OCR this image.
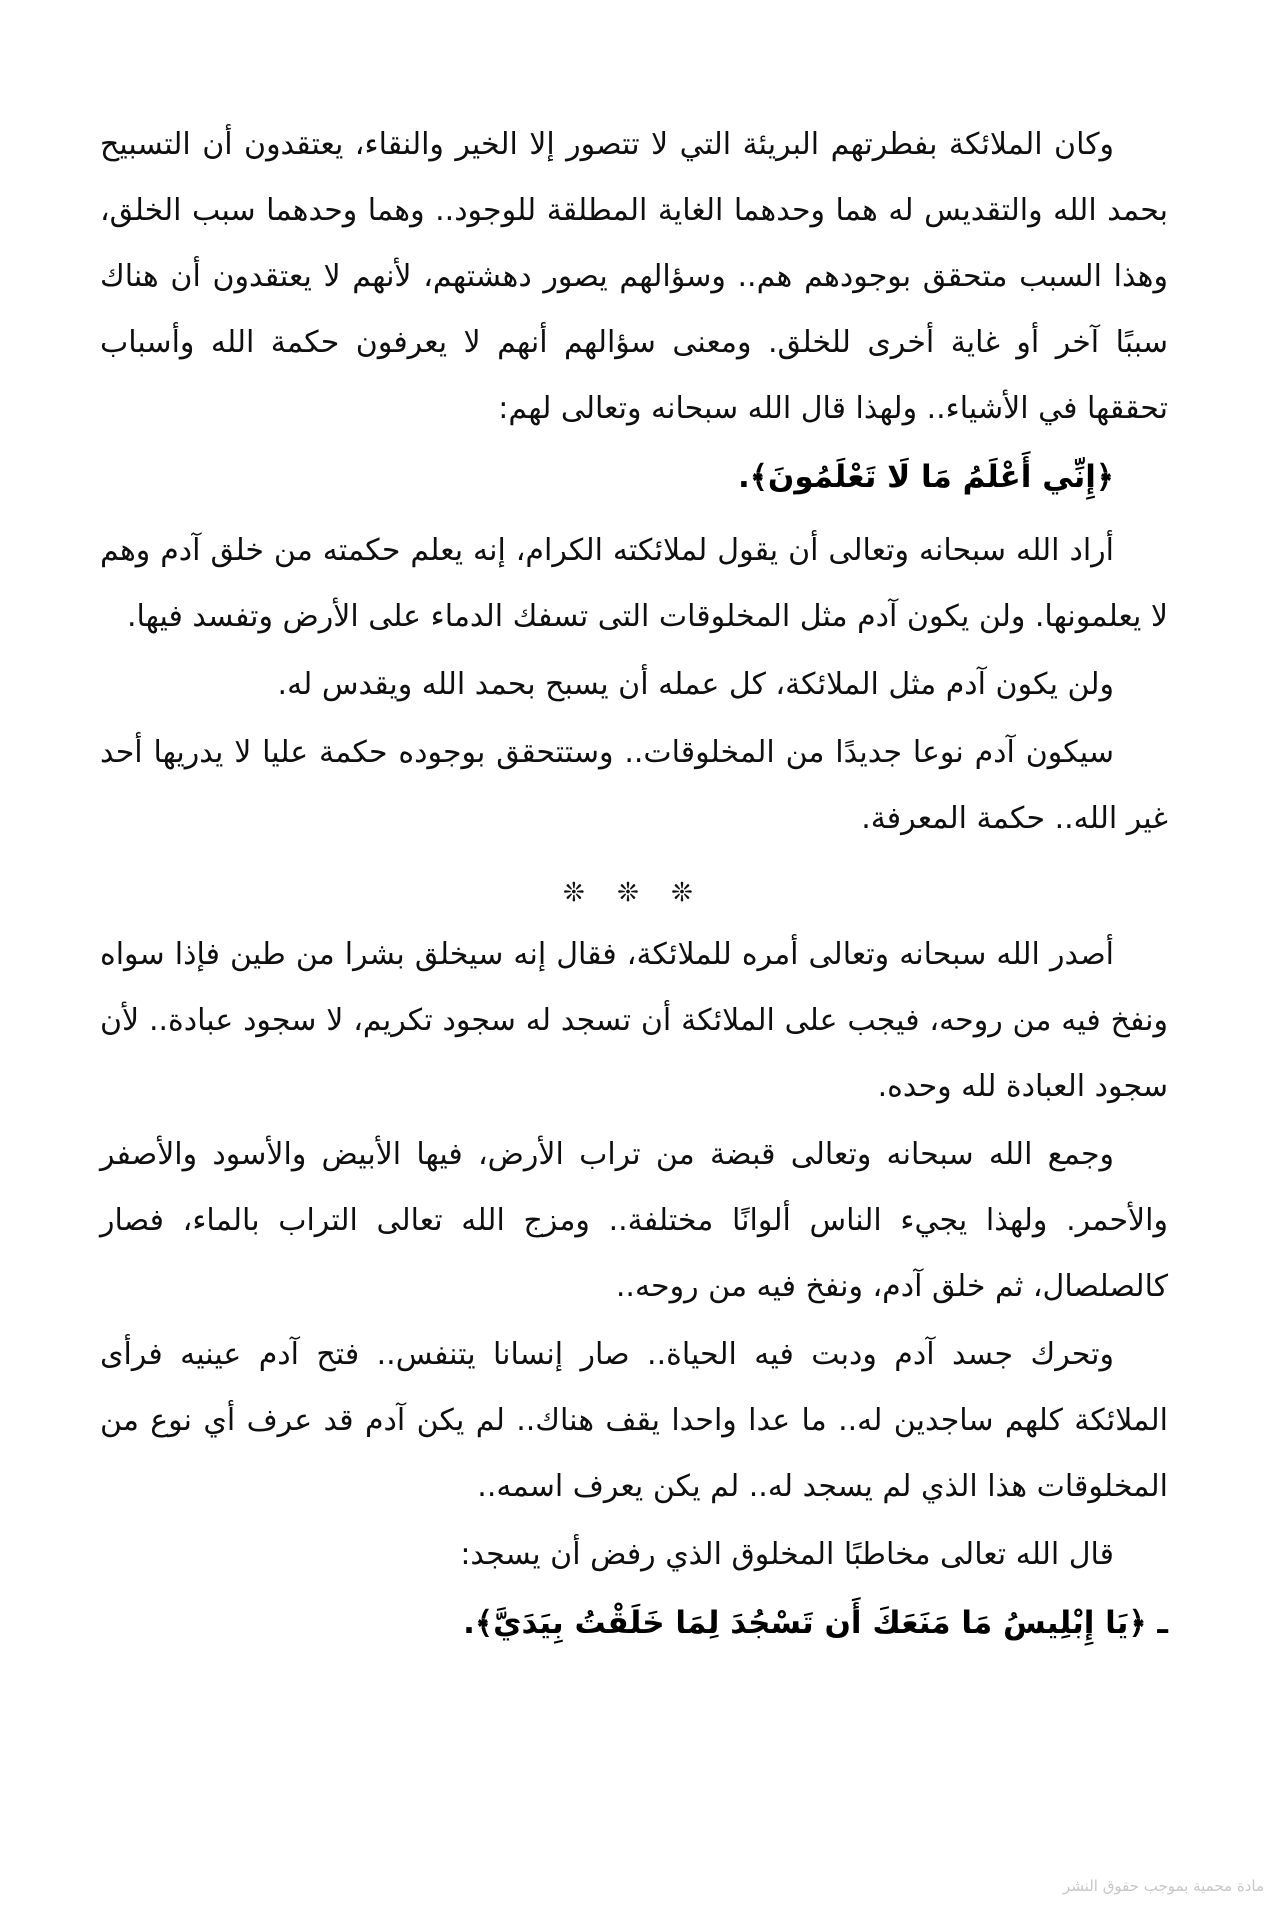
وكان الملائكة بفطرتهم البريئة التي لا تتصور إلا الخير والنقاء، يعتقدون أن التسبيح بحمد الله والتقديس له هما وحدهما الغاية المطلقة للوجود.. وهما وحدهما سبب الخلق، وهذا السبب متحقق بوجودهم هم.. وسؤالهم يصور دهشتهم، لأنهم لا يعتقدون أن هناك سببًا آخر أو غاية أخرى للخلق. ومعنى سؤالهم أنهم لا يعرفون حكمة الله وأسباب تحققها في الأشياء.. ولهذا قال الله سبحانه وتعالى لهم:

﴿إِنِّي أَعْلَمُ مَا لَا تَعْلَمُونَ﴾.

أراد الله سبحانه وتعالى أن يقول لملائكته الكرام، إنه يعلم حكمته من خلق آدم وهم لا يعلمونها. ولن يكون آدم مثل المخلوقات التى تسفك الدماء على الأرض وتفسد فيها.

ولن يكون آدم مثل الملائكة، كل عمله أن يسبح بحمد الله ويقدس له.

سيكون آدم نوعا جديدًا من المخلوقات.. وستتحقق بوجوده حكمة عليا لا يدريها أحد غير الله.. حكمة المعرفة.

❊ ❊ ❊

أصدر الله سبحانه وتعالى أمره للملائكة، فقال إنه سيخلق بشرا من طين فإذا سواه ونفخ فيه من روحه، فيجب على الملائكة أن تسجد له سجود تكريم، لا سجود عبادة.. لأن سجود العبادة لله وحده.

وجمع الله سبحانه وتعالى قبضة من تراب الأرض، فيها الأبيض والأسود والأصفر والأحمر. ولهذا يجيء الناس ألوانًا مختلفة.. ومزج الله تعالى التراب بالماء، فصار كالصلصال، ثم خلق آدم، ونفخ فيه من روحه..

وتحرك جسد آدم ودبت فيه الحياة.. صار إنسانا يتنفس.. فتح آدم عينيه فرأى الملائكة كلهم ساجدين له.. ما عدا واحدا يقف هناك.. لم يكن آدم قد عرف أي نوع من المخلوقات هذا الذي لم يسجد له.. لم يكن يعرف اسمه..

قال الله تعالى مخاطبًا المخلوق الذي رفض أن يسجد:

ـ ﴿يَا إِبْلِيسُ مَا مَنَعَكَ أَن تَسْجُدَ لِمَا خَلَقْتُ بِيَدَيَّ﴾.

مادة محمية بموجب حقوق النشر
